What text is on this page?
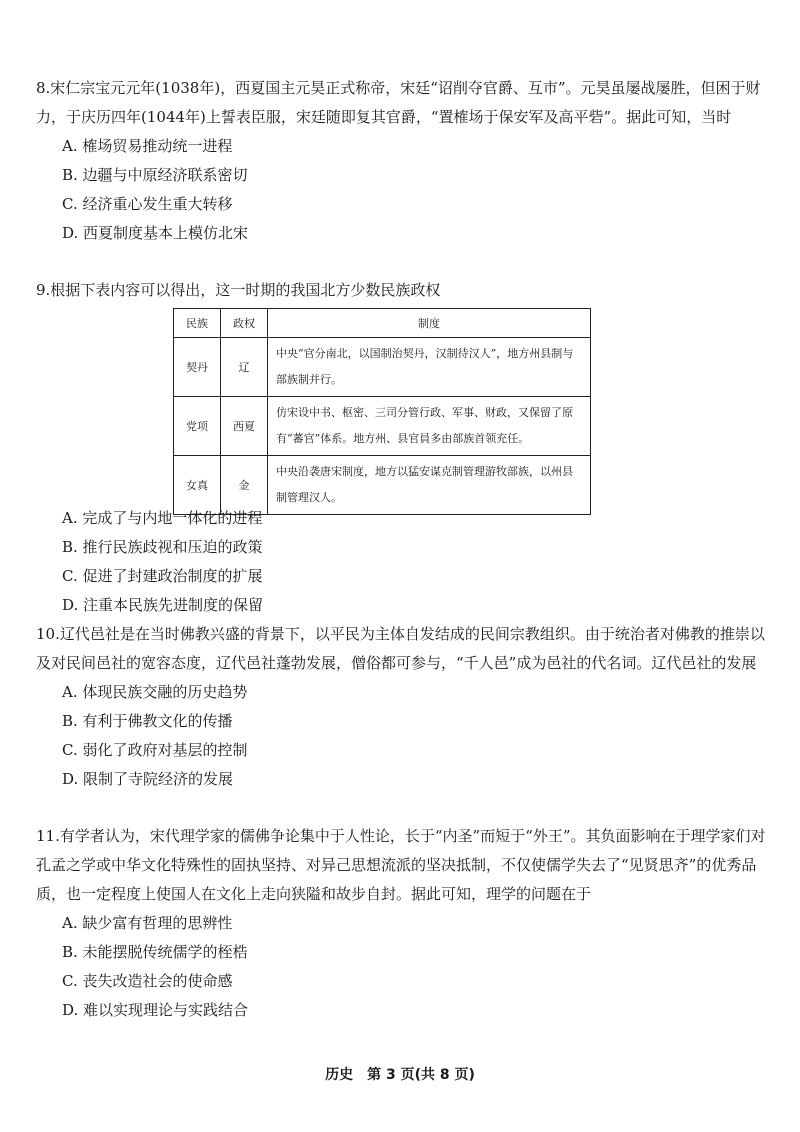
8.宋仁宗宝元元年(1038年)，西夏国主元昊正式称帝，宋廷“诏削夺官爵、互市”。元昊虽屡战屡胜，但困于财力，于庆历四年(1044年)上誓表臣服，宋廷随即复其官爵，“置榷场于保安军及高平砦”。据此可知，当时

A. 榷场贸易推动统一进程

B. 边疆与中原经济联系密切

C. 经济重心发生重大转移

D. 西夏制度基本上模仿北宋

9.根据下表内容可以得出，这一时期的我国北方少数民族政权

民族	政权	制度
契丹	辽	中央“官分南北，以国制治契丹，汉制待汉人”，地方州县制与部族制并行。
党项	西夏	仿宋设中书、枢密、三司分管行政、军事、财政，又保留了原有“蕃官”体系。地方州、县官員多由部族首领充任。
女真	金	中央沿袭唐宋制度，地方以猛安谋克制管理游牧部族，以州县制管理汉人。

A. 完成了与内地一体化的进程

B. 推行民族歧视和压迫的政策

C. 促进了封建政治制度的扩展

D. 注重本民族先进制度的保留

10.辽代邑社是在当时佛教兴盛的背景下，以平民为主体自发结成的民间宗教组织。由于统治者对佛教的推崇以及对民间邑社的宽容态度，辽代邑社蓬勃发展，僧俗都可参与，“千人邑”成为邑社的代名词。辽代邑社的发展

A. 体现民族交融的历史趋势

B. 有利于佛教文化的传播

C. 弱化了政府对基层的控制

D. 限制了寺院经济的发展

11.有学者认为，宋代理学家的儒佛争论集中于人性论，长于“内圣”而短于“外王”。其负面影响在于理学家们对孔孟之学或中华文化特殊性的固执坚持、对异己思想流派的坚决抵制，不仅使儒学失去了“见贤思齐”的优秀品质，也一定程度上使国人在文化上走向狭隘和故步自封。据此可知，理学的问题在于

A. 缺少富有哲理的思辨性

B. 未能摆脱传统儒学的桎梏

C. 丧失改造社会的使命感

D. 难以实现理论与实践结合

历史　第 3 页(共 8 页)
